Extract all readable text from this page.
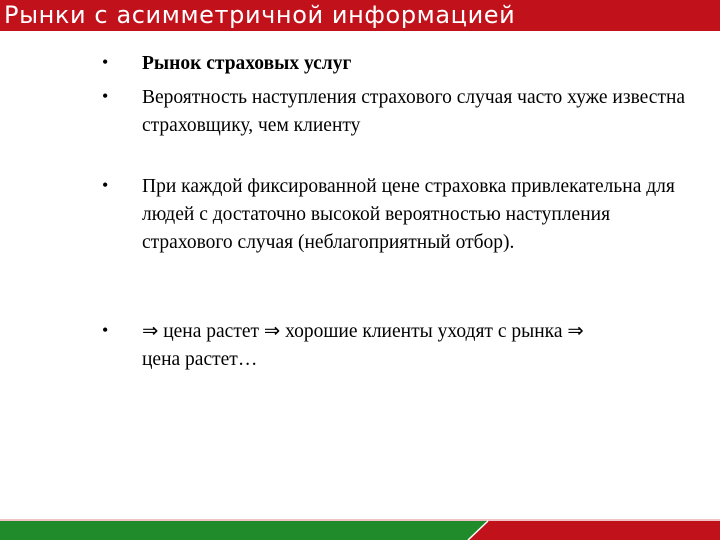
Рынки с асимметричной информацией
• Рынок страховых услуг
• Вероятность наступления страхового случая часто хуже известна страховщику, чем клиенту
• При каждой фиксированной цене страховка привлекательна для людей с достаточно высокой вероятностью наступления страхового случая (неблагоприятный отбор).
• ⇒ цена растет ⇒ хорошие клиенты уходят с рынка ⇒
цена растет…
